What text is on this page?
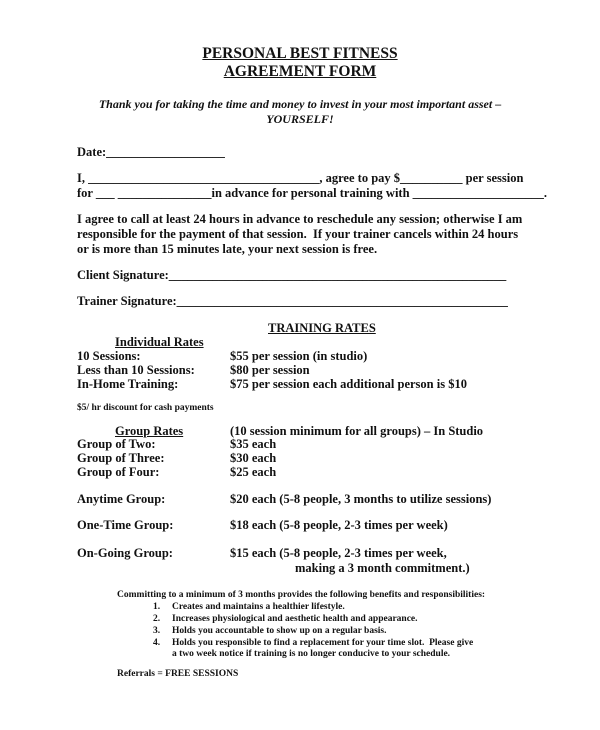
PERSONAL BEST FITNESS
AGREEMENT FORM
Thank you for taking the time and money to invest in your most important asset –
YOURSELF!
Date:___________________
I, _____________________________________, agree to pay $__________ per session
for ___ _______________in advance for personal training with _____________________.
I agree to call at least 24 hours in advance to reschedule any session; otherwise I am
responsible for the payment of that session.  If your trainer cancels within 24 hours
or is more than 15 minutes late, your next session is free.
Client Signature:______________________________________________________
Trainer Signature:_____________________________________________________
TRAINING RATES
Individual Rates
10 Sessions:	$55 per session (in studio)
Less than 10 Sessions:	$80 per session
In-Home Training:	$75 per session each additional person is $10
$5/ hr discount for cash payments
Group Rates	(10 session minimum for all groups) – In Studio
Group of Two:	$35 each
Group of Three:	$30 each
Group of Four:	$25 each
Anytime Group:	$20 each (5-8 people, 3 months to utilize sessions)
One-Time Group:	$18 each (5-8 people, 2-3 times per week)
On-Going Group:	$15 each (5-8 people, 2-3 times per week,
making a 3 month commitment.)
Committing to a minimum of 3 months provides the following benefits and responsibilities:
1. Creates and maintains a healthier lifestyle.
2. Increases physiological and aesthetic health and appearance.
3. Holds you accountable to show up on a regular basis.
4. Holds you responsible to find a replacement for your time slot.  Please give
a two week notice if training is no longer conducive to your schedule.
Referrals = FREE SESSIONS
